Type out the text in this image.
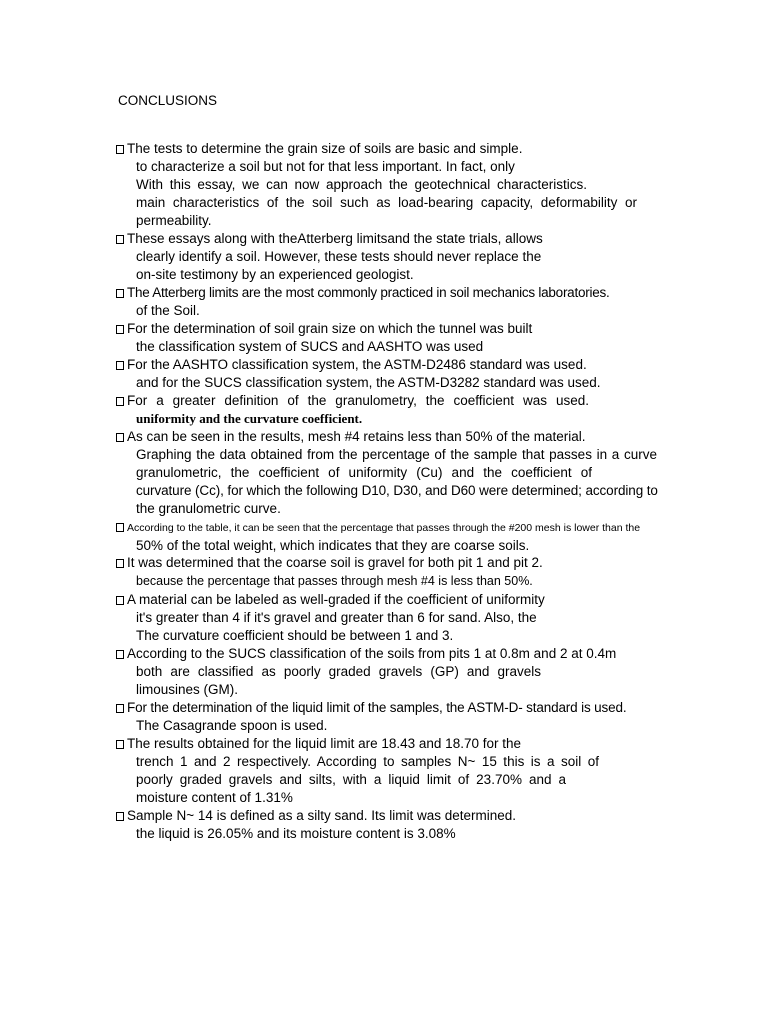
CONCLUSIONS
The tests to determine the grain size of soils are basic and simple.
to characterize a soil but not for that less important. In fact, only
With this essay, we can now approach the geotechnical characteristics.
main characteristics of the soil such as load-bearing capacity, deformability or
permeability.
These essays along with theAtterberg limitsand the state trials, allows
clearly identify a soil. However, these tests should never replace the
on-site testimony by an experienced geologist.
The Atterberg limits are the most commonly practiced in soil mechanics laboratories.
of the Soil.
For the determination of soil grain size on which the tunnel was built
the classification system of SUCS and AASHTO was used
For the AASHTO classification system, the ASTM-D2486 standard was used.
and for the SUCS classification system, the ASTM-D3282 standard was used.
For a greater definition of the granulometry, the coefficient was used.
uniformity and the curvature coefficient.
As can be seen in the results, mesh #4 retains less than 50% of the material.
Graphing the data obtained from the percentage of the sample that passes in a curve
granulometric, the coefficient of uniformity (Cu) and the coefficient of
curvature (Cc), for which the following D10, D30, and D60 were determined; according to
the granulometric curve.
According to the table, it can be seen that the percentage that passes through the #200 mesh is lower than the
50% of the total weight, which indicates that they are coarse soils.
It was determined that the coarse soil is gravel for both pit 1 and pit 2.
because the percentage that passes through mesh #4 is less than 50%.
A material can be labeled as well-graded if the coefficient of uniformity
it's greater than 4 if it's gravel and greater than 6 for sand. Also, the
The curvature coefficient should be between 1 and 3.
According to the SUCS classification of the soils from pits 1 at 0.8m and 2 at 0.4m
both are classified as poorly graded gravels (GP) and gravels
limousines (GM).
For the determination of the liquid limit of the samples, the ASTM-D- standard is used.
The Casagrande spoon is used.
The results obtained for the liquid limit are 18.43 and 18.70 for the
trench 1 and 2 respectively. According to samples N~ 15 this is a soil of
poorly graded gravels and silts, with a liquid limit of 23.70% and a
moisture content of 1.31%
Sample N~ 14 is defined as a silty sand. Its limit was determined.
the liquid is 26.05% and its moisture content is 3.08%
